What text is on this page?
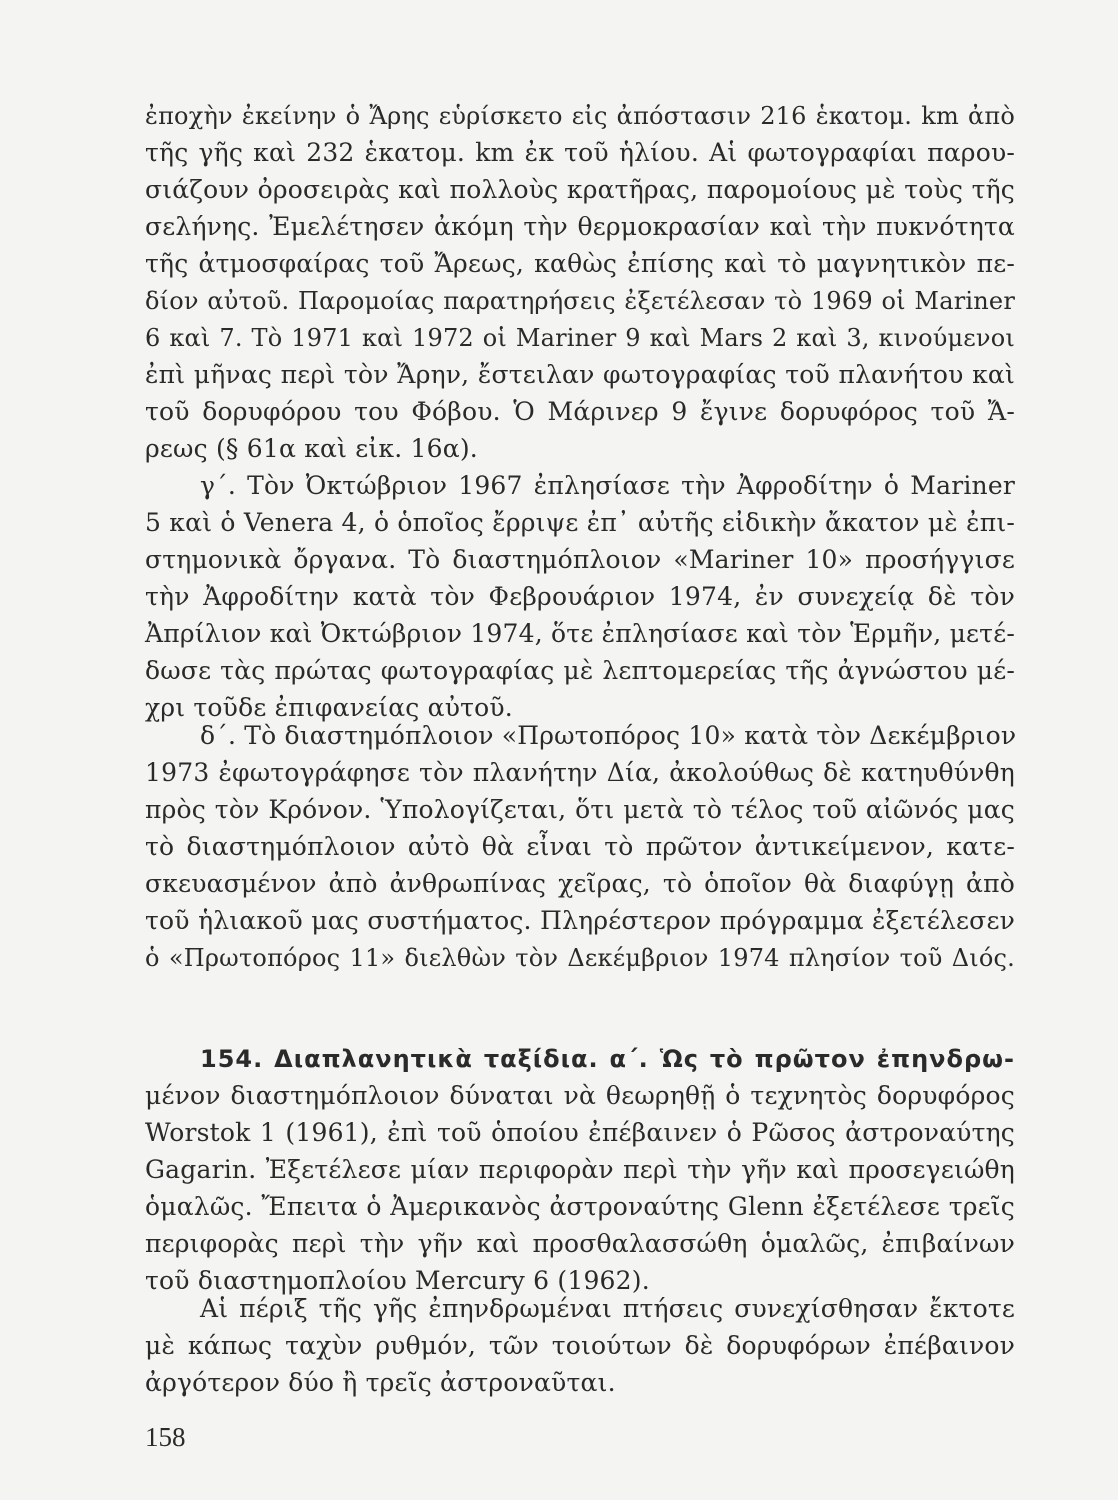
ἐποχὴν ἐκείνην ὁ Ἄρης εὑρίσκετο εἰς ἀπόστασιν 216 ἑκατομ. km ἀπὸ
τῆς γῆς καὶ 232 ἑκατομ. km ἐκ τοῦ ἡλίου. Αἱ φωτογραφίαι παρου-
σιάζουν ὀροσειρὰς καὶ πολλοὺς κρατῆρας, παρομοίους μὲ τοὺς τῆς
σελήνης. Ἐμελέτησεν ἀκόμη τὴν θερμοκρασίαν καὶ τὴν πυκνότητα
τῆς ἀτμοσφαίρας τοῦ Ἄρεως, καθὼς ἐπίσης καὶ τὸ μαγνητικὸν πε-
δίον αὐτοῦ. Παρομοίας παρατηρήσεις ἐξετέλεσαν τὸ 1969 οἱ Mariner
6 καὶ 7. Τὸ 1971 καὶ 1972 οἱ Mariner 9 καὶ Mars 2 καὶ 3, κινούμενοι
ἐπὶ μῆνας περὶ τὸν Ἄρην, ἔστειλαν φωτογραφίας τοῦ πλανήτου καὶ
τοῦ δορυφόρου του Φόβου. Ὁ Μάρινερ 9 ἔγινε δορυφόρος τοῦ Ἄ-
ρεως (§ 61α καὶ εἰκ. 16α).
γ΄. Τὸν Ὀκτώβριον 1967 ἐπλησίασε τὴν Ἀφροδίτην ὁ Mariner
5 καὶ ὁ Venera 4, ὁ ὁποῖος ἔρριψε ἐπ᾽ αὐτῆς εἰδικὴν ἄκατον μὲ ἐπι-
στημονικὰ ὄργανα. Τὸ διαστημόπλοιον «Mariner 10» προσήγγισε
τὴν Ἀφροδίτην κατὰ τὸν Φεβρουάριον 1974, ἐν συνεχείᾳ δὲ τὸν
Ἀπρίλιον καὶ Ὀκτώβριον 1974, ὅτε ἐπλησίασε καὶ τὸν Ἑρμῆν, μετέ-
δωσε τὰς πρώτας φωτογραφίας μὲ λεπτομερείας τῆς ἀγνώστου μέ-
χρι τοῦδε ἐπιφανείας αὐτοῦ.
δ΄. Τὸ διαστημόπλοιον «Πρωτοπόρος 10» κατὰ τὸν Δεκέμβριον
1973 ἐφωτογράφησε τὸν πλανήτην Δία, ἀκολούθως δὲ κατηυθύνθη
πρὸς τὸν Κρόνον. Ὑπολογίζεται, ὅτι μετὰ τὸ τέλος τοῦ αἰῶνός μας
τὸ διαστημόπλοιον αὐτὸ θὰ εἶναι τὸ πρῶτον ἀντικείμενον, κατε-
σκευασμένον ἀπὸ ἀνθρωπίνας χεῖρας, τὸ ὁποῖον θὰ διαφύγῃ ἀπὸ
τοῦ ἡλιακοῦ μας συστήματος. Πληρέστερον πρόγραμμα ἐξετέλεσεν
ὁ «Πρωτοπόρος 11» διελθὼν τὸν Δεκέμβριον 1974 πλησίον τοῦ Διός.
154. Διαπλανητικὰ ταξίδια. α΄. Ὡς τὸ πρῶτον ἐπηνδρω-
μένον διαστημόπλοιον δύναται νὰ θεωρηθῇ ὁ τεχνητὸς δορυφόρος
Worstok 1 (1961), ἐπὶ τοῦ ὁποίου ἐπέβαινεν ὁ Ρῶσος ἀστροναύτης
Gagarin. Ἐξετέλεσε μίαν περιφορὰν περὶ τὴν γῆν καὶ προσεγειώθη
ὁμαλῶς. Ἔπειτα ὁ Ἀμερικανὸς ἀστροναύτης Glenn ἐξετέλεσε τρεῖς
περιφορὰς περὶ τὴν γῆν καὶ προσθαλασσώθη ὁμαλῶς, ἐπιβαίνων
τοῦ διαστημοπλοίου Mercury 6 (1962).
Αἱ πέριξ τῆς γῆς ἐπηνδρωμέναι πτήσεις συνεχίσθησαν ἔκτοτε
μὲ κάπως ταχὺν ρυθμόν, τῶν τοιούτων δὲ δορυφόρων ἐπέβαινον
ἀργότερον δύο ἢ τρεῖς ἀστροναῦται.
158
